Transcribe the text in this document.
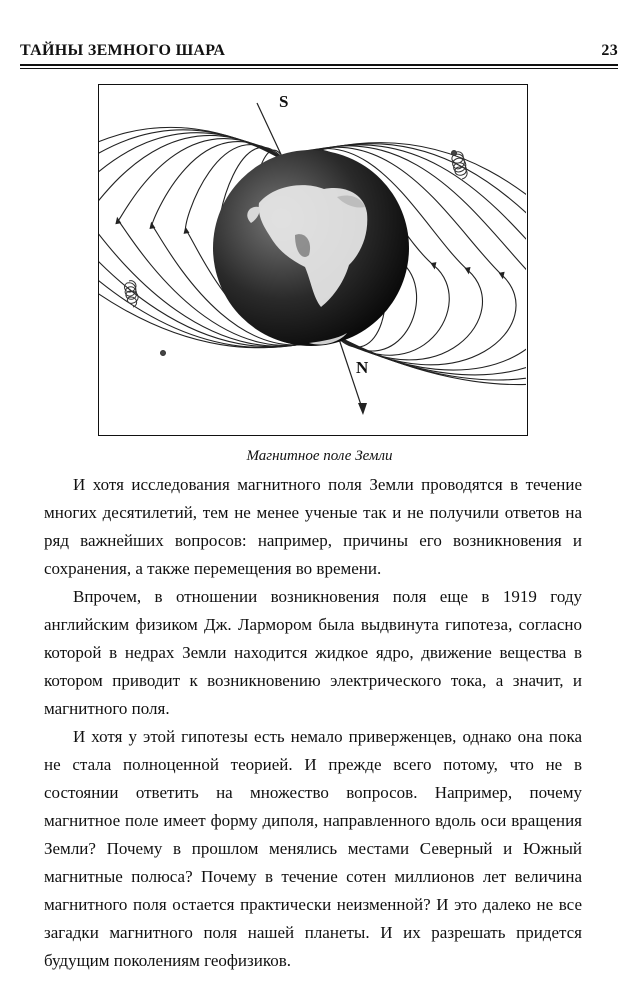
ТАЙНЫ ЗЕМНОГО ШАРА	23
S
N
Магнитное поле Земли

И хотя исследования магнитного поля Земли проводятся в течение многих десятилетий, тем не менее ученые так и не получили ответов на ряд важнейших вопросов: например, причины его возникновения и сохранения, а также перемещения во времени.

Впрочем, в отношении возникновения поля еще в 1919 году английским физиком Дж. Лармором была выдвинута гипотеза, согласно которой в недрах Земли находится жидкое ядро, движение вещества в котором приводит к возникновению электрического тока, а значит, и магнитного поля.

И хотя у этой гипотезы есть немало приверженцев, однако она пока не стала полноценной теорией. И прежде всего потому, что не в состоянии ответить на множество вопросов. Например, почему магнитное поле имеет форму диполя, направленного вдоль оси вращения Земли? Почему в прошлом менялись местами Северный и Южный магнитные полюса? Почему в течение сотен миллионов лет величина магнитного поля остается практически неизменной? И это далеко не все загадки магнитного поля нашей планеты. И их разрешать придется будущим поколениям геофизиков.
